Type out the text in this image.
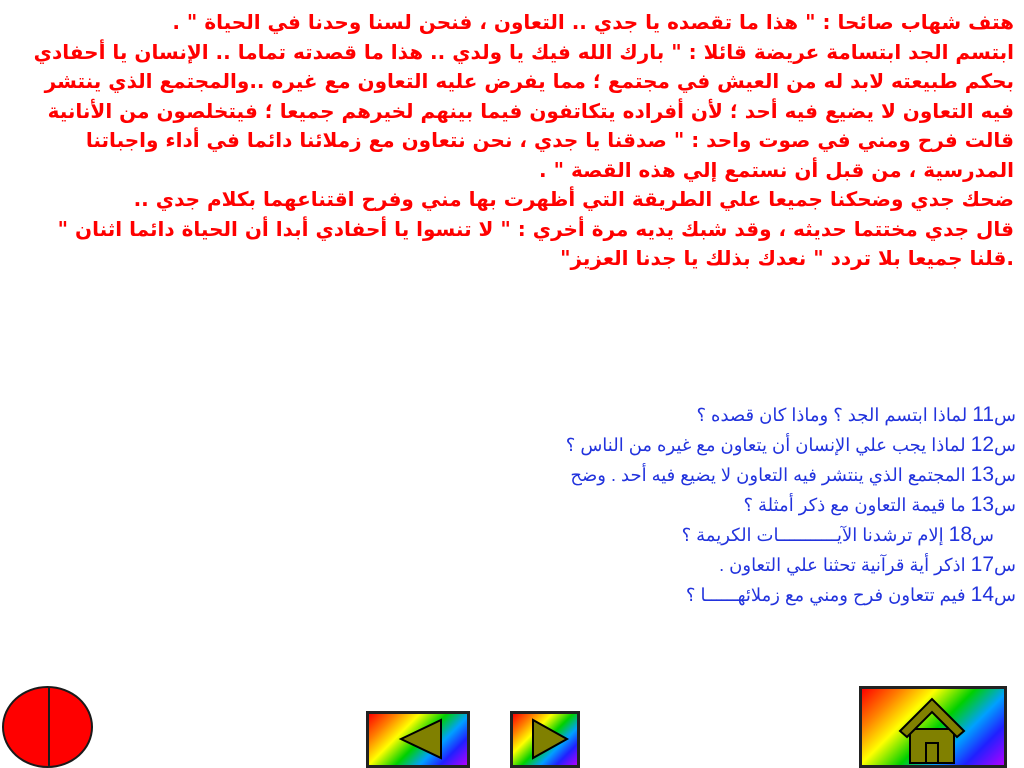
هتف شهاب صائحا : " هذا ما تقصده يا جدي .. التعاون ، فنحن لسنا وحدنا في الحياة " .

ابتسم الجد ابتسامة عريضة قائلا : " بارك الله فيك يا ولدي .. هذا ما قصدته تماما .. الإنسان يا أحفادي بحكم طبيعته لابد له من العيش في مجتمع ؛ مما يفرض عليه التعاون مع غيره ..والمجتمع الذي ينتشر فيه التعاون لا يضيع فيه أحد ؛ لأن أفراده يتكاتفون فيما بينهم لخيرهم جميعا ؛ فيتخلصون من الأنانية قالت فرح ومني في صوت واحد : " صدقنا يا جدي ، نحن نتعاون مع زملائنا دائما في أداء واجباتنا المدرسية ، من قبل أن نستمع إلي هذه القصة " .

ضحك جدي وضحكنا جميعا علي الطريقة التي أظهرت بها مني وفرح اقتناعهما بكلام جدي ..

قال جدي مختتما حديثه ، وقد شبك يديه مرة أخري : " لا تنسوا يا أحفادي أبدا أن الحياة دائما اثنان " .قلنا جميعا بلا تردد " نعدك بذلك يا جدنا العزيز"

س11 لماذا ابتسم الجد ؟ وماذا كان قصده ؟
س12 لماذا يجب علي الإنسان أن يتعاون مع غيره من الناس ؟
س13 المجتمع الذي ينتشر فيه التعاون لا يضيع فيه أحد . وضح
س13 ما قيمة التعاون مع ذكر أمثلة ؟
س18 إلام ترشدنا الآيـــــــــــات الكريمة ؟
س17 اذكر أية قرآنية تحثنا علي التعاون .
س14 فيم تتعاون فرح ومني مع زملائهــــــا ؟
